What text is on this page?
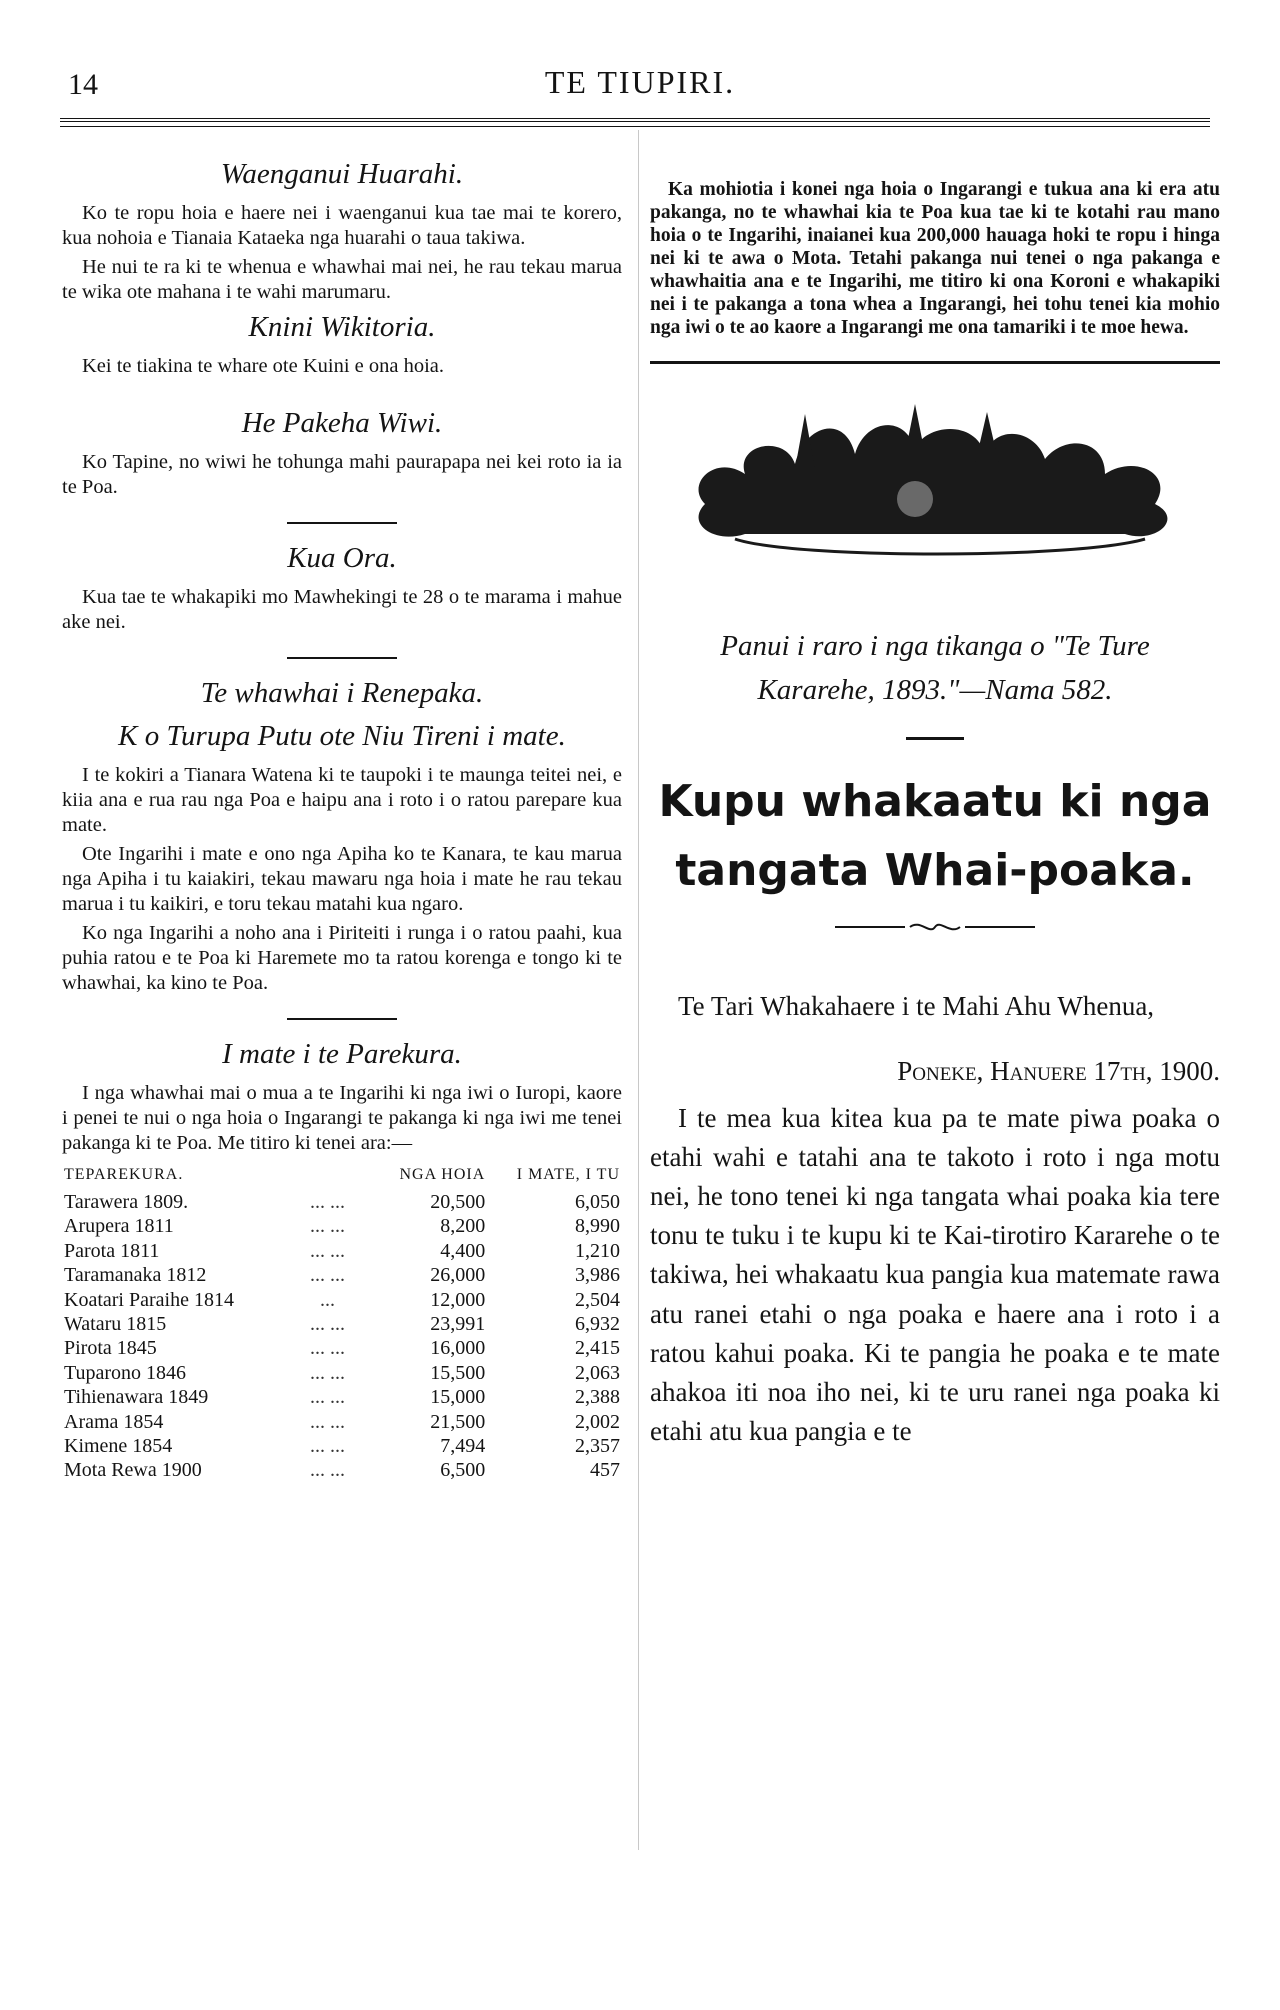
14	TE TIUPIRI.
Waenganui Huarahi.

Ko te ropu hoia e haere nei i waenganui kua tae mai te korero, kua nohoia e Tianaia Kataeka nga huarahi o taua takiwa.

He nui te ra ki te whenua e whawhai mai nei, he rau tekau marua te wika ote mahana i te wahi marumaru.

Knini Wikitoria.

Kei te tiakina te whare ote Kuini e ona hoia.

He Pakeha Wiwi.

Ko Tapine, no wiwi he tohunga mahi paurapapa nei kei roto ia ia te Poa.

Kua Ora.

Kua tae te whakapiki mo Mawhekingi te 28 o te marama i mahue ake nei.

Te whawhai i Renepaka.
K o Turupa Putu ote Niu Tireni i mate.

I te kokiri a Tianara Watena ki te taupoki i te maunga teitei nei, e kiia ana e rua rau nga Poa e haipu ana i roto i o ratou parepare kua mate.

Ote Ingarihi i mate e ono nga Apiha ko te Kanara, te kau marua nga Apiha i tu kaiakiri, tekau mawaru nga hoia i mate he rau tekau marua i tu kaikiri, e toru tekau matahi kua ngaro.

Ko nga Ingarihi a noho ana i Piriteiti i runga i o ratou paahi, kua puhia ratou e te Poa ki Haremete mo ta ratou korenga e tongo ki te whawhai, ka kino te Poa.

I mate i te Parekura.

I nga whawhai mai o mua a te Ingarihi ki nga iwi o Iuropi, kaore i penei te nui o nga hoia o Ingarangi te pakanga ki nga iwi me tenei pakanga ki te Poa. Me titiro ki tenei ara:—

TEPAREKURA.		NGA HOIA	I MATE, I TU
Tarawera 1809.	... ...	20,500	6,050
Arupera 1811	... ...	8,200	8,990
Parota 1811	... ...	4,400	1,210
Taramanaka 1812	... ...	26,000	3,986
Koatari Paraihe 1814	...	12,000	2,504
Wataru 1815	... ...	23,991	6,932
Pirota 1845	... ...	16,000	2,415
Tuparono 1846	... ...	15,500	2,063
Tihienawara 1849	... ...	15,000	2,388
Arama 1854	... ...	21,500	2,002
Kimene 1854	... ...	7,494	2,357
Mota Rewa 1900	... ...	6,500	457

Ka mohiotia i konei nga hoia o Ingarangi e tukua ana ki era atu pakanga, no te whawhai kia te Poa kua tae ki te kotahi rau mano hoia o te Ingarihi, inaianei kua 200,000 hauaga hoki te ropu i hinga nei ki te awa o Mota. Tetahi pakanga nui tenei o nga pakanga e whawhaitia ana e te Ingarihi, me titiro ki ona Koroni e whakapiki nei i te pakanga a tona whea a Ingarangi, hei tohu tenei kia mohio nga iwi o te ao kaore a Ingarangi me ona tamariki i te moe hewa.

Panui i raro i nga tikanga o "Te Ture
Kararehe, 1893."—Nama 582.
Kupu whakaatu ki nga
tangata Whai-poaka.

Te Tari Whakahaere i te Mahi Ahu Whenua,

Poneke, Hanuere 17th, 1900.

I te mea kua kitea kua pa te mate piwa poaka o etahi wahi e tatahi ana te takoto i roto i nga motu nei, he tono tenei ki nga tangata whai poaka kia tere tonu te tuku i te kupu ki te Kai-tirotiro Kararehe o te takiwa, hei whakaatu kua pangia kua matemate rawa atu ranei etahi o nga poaka e haere ana i roto i a ratou kahui poaka. Ki te pangia he poaka e te mate ahakoa iti noa iho nei, ki te uru ranei nga poaka ki etahi atu kua pangia e te
